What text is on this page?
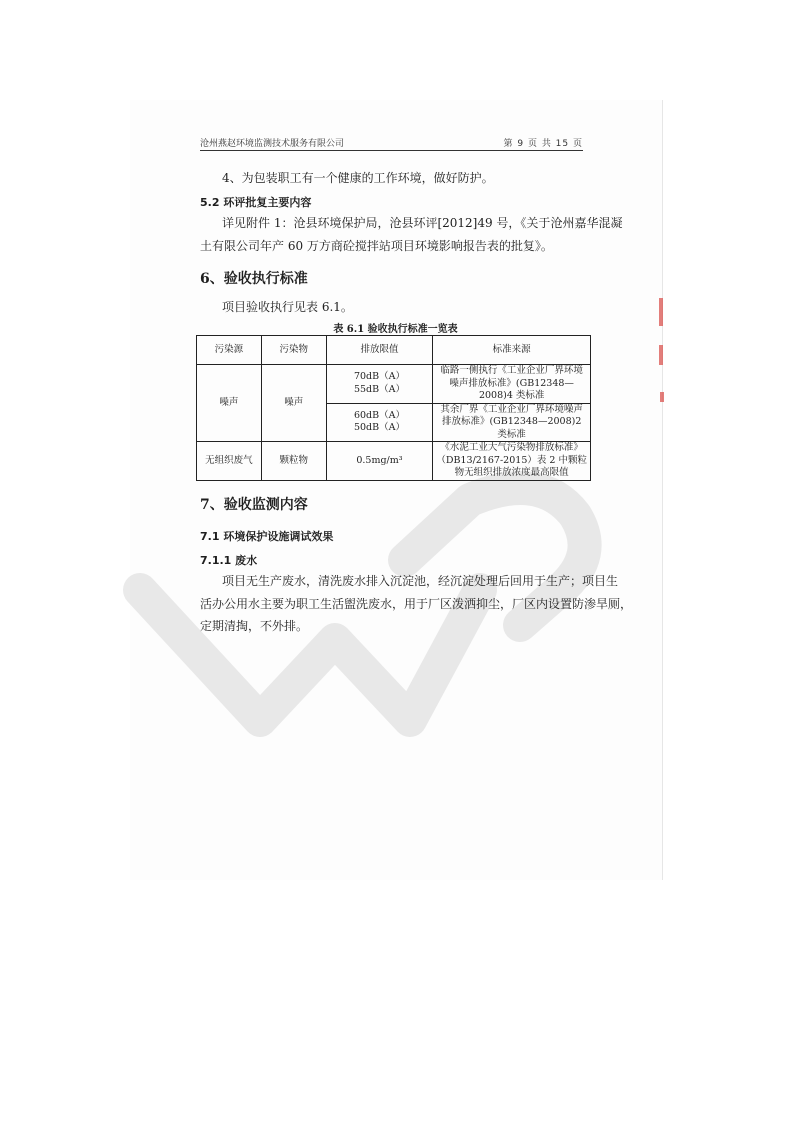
沧州燕赵环境监测技术服务有限公司	第 9 页 共 15 页
4、为包装职工有一个健康的工作环境，做好防护。
5.2 环评批复主要内容
详见附件 1：沧县环境保护局，沧县环评[2012]49 号，《关于沧州嘉华混凝
土有限公司年产 60 万方商砼搅拌站项目环境影响报告表的批复》。
6、验收执行标准
项目验收执行见表 6.1。
表 6.1 验收执行标准一览表
污染源	污染物	排放限值	标准来源
噪声	噪声	70dB（A）
55dB（A）	临路一侧执行《工业企业厂界环境噪声排放标准》(GB12348—2008)4 类标准

		60dB（A）
50dB（A）	其余厂界《工业企业厂界环境噪声排放标准》(GB12348—2008)2 类标准
无组织废气	颗粒物	0.5mg/m³	《水泥工业大气污染物排放标准》（DB13/2167-2015）表 2 中颗粒物无组织排放浓度最高限值
7、验收监测内容
7.1 环境保护设施调试效果
7.1.1 废水
项目无生产废水，清洗废水排入沉淀池，经沉淀处理后回用于生产；项目生
活办公用水主要为职工生活盥洗废水，用于厂区泼洒抑尘，厂区内设置防渗旱厕，
定期清掏，不外排。
